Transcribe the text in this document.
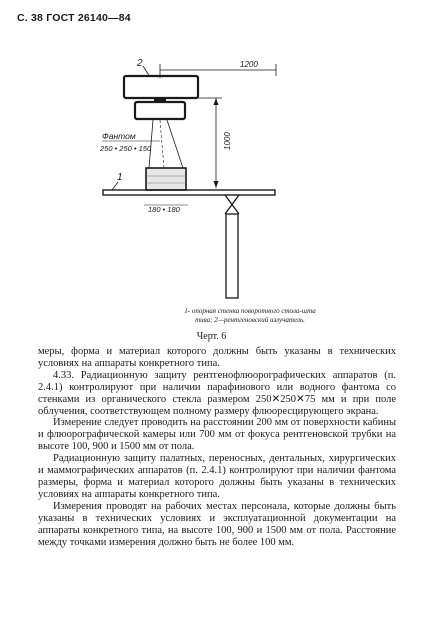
С. 38 ГОСТ 26140—84
2	1200
1000
Фантом
250 • 250 • 150
1
180 • 180
1- опорная стенка поворотного стола-шта
тива; 2—рентгеновский излучатель.
Черт. 6

меры, форма и материал которого должны быть указаны в технических условиях на аппараты конкретного типа.

4.33. Радиационную защиту рентгенофлюорографических аппаратов (п. 2.4.1) контролируют при наличии парафинового или водного фантома со стенками из органического стекла размером 250✕250✕75 мм и при поле облучения, соответствующем полному размеру флюоресцирующего экрана.

Измерение следует проводить на расстоянии 200 мм от поверхности кабины и флюорографической камеры или 700 мм от фокуса рентгеновской трубки на высоте 100, 900 и 1500 мм от пола.

Радиационную защиту палатных, переносных, дентальных, хирургических и маммографических аппаратов (п. 2.4.1) контролируют при наличии фантома размеры, форма и материал которого должны быть указаны в технических условиях на аппараты конкретного типа.

Измерения проводят на рабочих местах персонала, которые должны быть указаны в технических условиях и эксплуатационной документации на аппараты конкретного типа, на высоте 100, 900 и 1500 мм от пола. Расстояние между точками измерения должно быть не более 100 мм.
